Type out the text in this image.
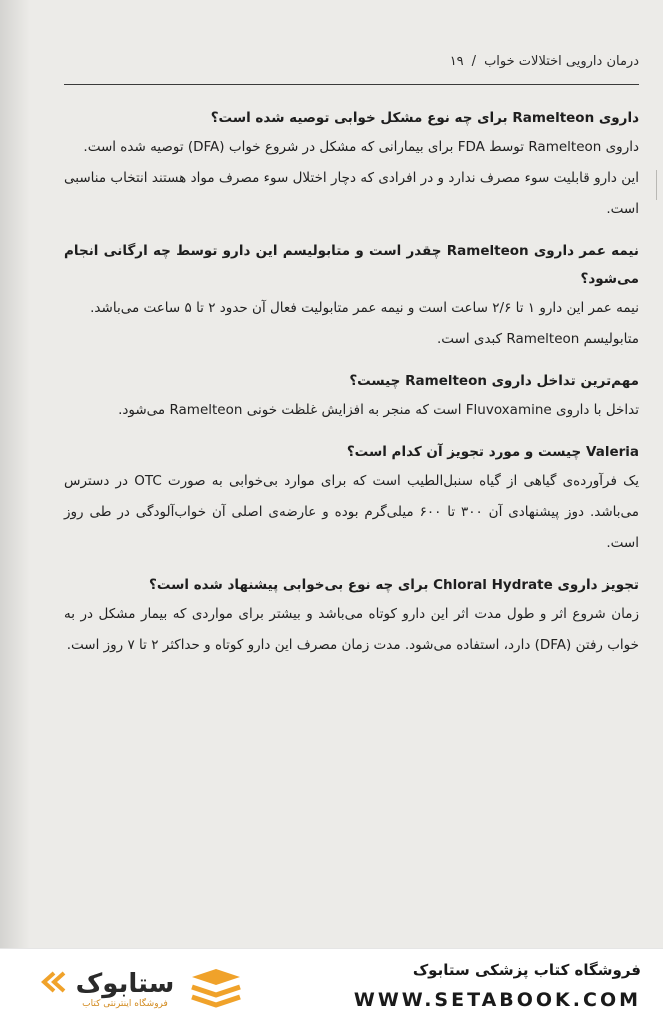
درمان دارویی اختلالات خواب
/
۱۹
داروی Ramelteon برای چه نوع مشکل خوابی توصیه شده است؟

داروی Ramelteon توسط FDA برای بیمارانی که مشکل در شروع خواب (DFA) توصیه شده است.

این دارو قابلیت سوء مصرف ندارد و در افرادی که دچار اختلال سوء مصرف مواد هستند انتخاب مناسبی است.

نیمه عمر داروی Ramelteon چقدر است و متابولیسم این دارو توسط چه ارگانی انجام می‌شود؟

نیمه عمر این دارو ۱ تا ۲/۶ ساعت است و نیمه عمر متابولیت فعال آن حدود ۲ تا ۵ ساعت می‌باشد.

متابولیسم Ramelteon کبدی است.

مهم‌ترین تداخل داروی Ramelteon چیست؟

تداخل با داروی Fluvoxamine است که منجر به افزایش غلظت خونی Ramelteon می‌شود.

Valeria چیست و مورد تجویز آن کدام است؟

یک فرآورده‌ی گیاهی از گیاه سنبل‌الطیب است که برای موارد بی‌خوابی به صورت OTC در دسترس می‌باشد. دوز پیشنهادی آن ۳۰۰ تا ۶۰۰ میلی‌گرم بوده و عارضه‌ی اصلی آن خواب‌آلودگی در طی روز است.

تجویز داروی Chloral Hydrate برای چه نوع بی‌خوابی پیشنهاد شده است؟

زمان شروع اثر و طول مدت اثر این دارو کوتاه می‌باشد و بیشتر برای مواردی که بیمار مشکل در به خواب رفتن (DFA) دارد، استفاده می‌شود. مدت زمان مصرف این دارو کوتاه و حداکثر ۲ تا ۷ روز است.

ستابوک
فروشگاه اینترنتی کتاب
فروشگاه کتاب پزشکی ستابوک
WWW.SETABOOK.COM
